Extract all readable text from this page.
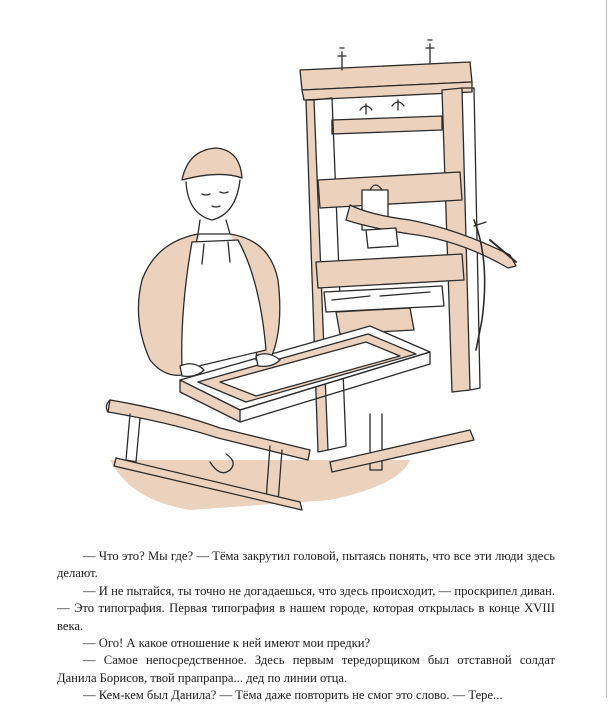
— Что это? Мы где? — Тёма закрутил головой, пытаясь понять, что все эти люди здесь делают.

— И не пытайся, ты точно не догадаешься, что здесь происходит, — проскрипел диван. — Это типография. Первая типография в нашем городе, которая открылась в конце XVIII века.

— Ого! А какое отношение к ней имеют мои предки?

— Самое непосредственное. Здесь первым тередорщиком был отставной солдат Данила Борисов, твой прапрапра... дед по линии отца.

— Кем-кем был Данила? — Тёма даже повторить не смог это слово. — Тере...
